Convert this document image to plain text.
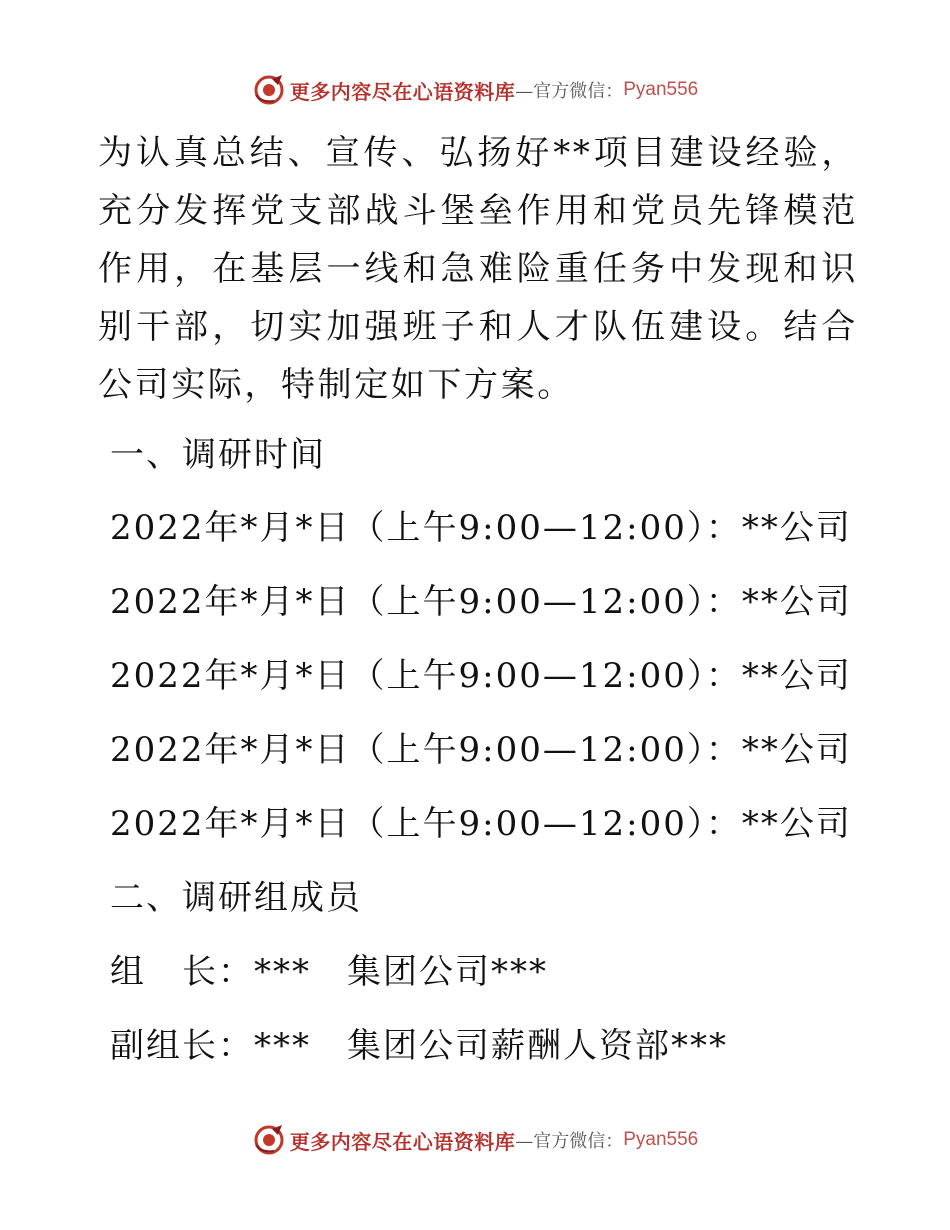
更多内容尽在心语资料库 —官方微信： Pyan556

为认真总结、宣传、弘扬好**项目建设经验，充分发挥党支部战斗堡垒作用和党员先锋模范作用，在基层一线和急难险重任务中发现和识别干部，切实加强班子和人才队伍建设。结合公司实际，特制定如下方案。

一、调研时间
2022年*月*日（上午9:00—12:00）：**公司
2022年*月*日（上午9:00—12:00）：**公司
2022年*月*日（上午9:00—12:00）：**公司
2022年*月*日（上午9:00—12:00）：**公司
2022年*月*日（上午9:00—12:00）：**公司
二、调研组成员
组　长：***　集团公司***
副组长：***　集团公司薪酬人资部***
更多内容尽在心语资料库 —官方微信： Pyan556
